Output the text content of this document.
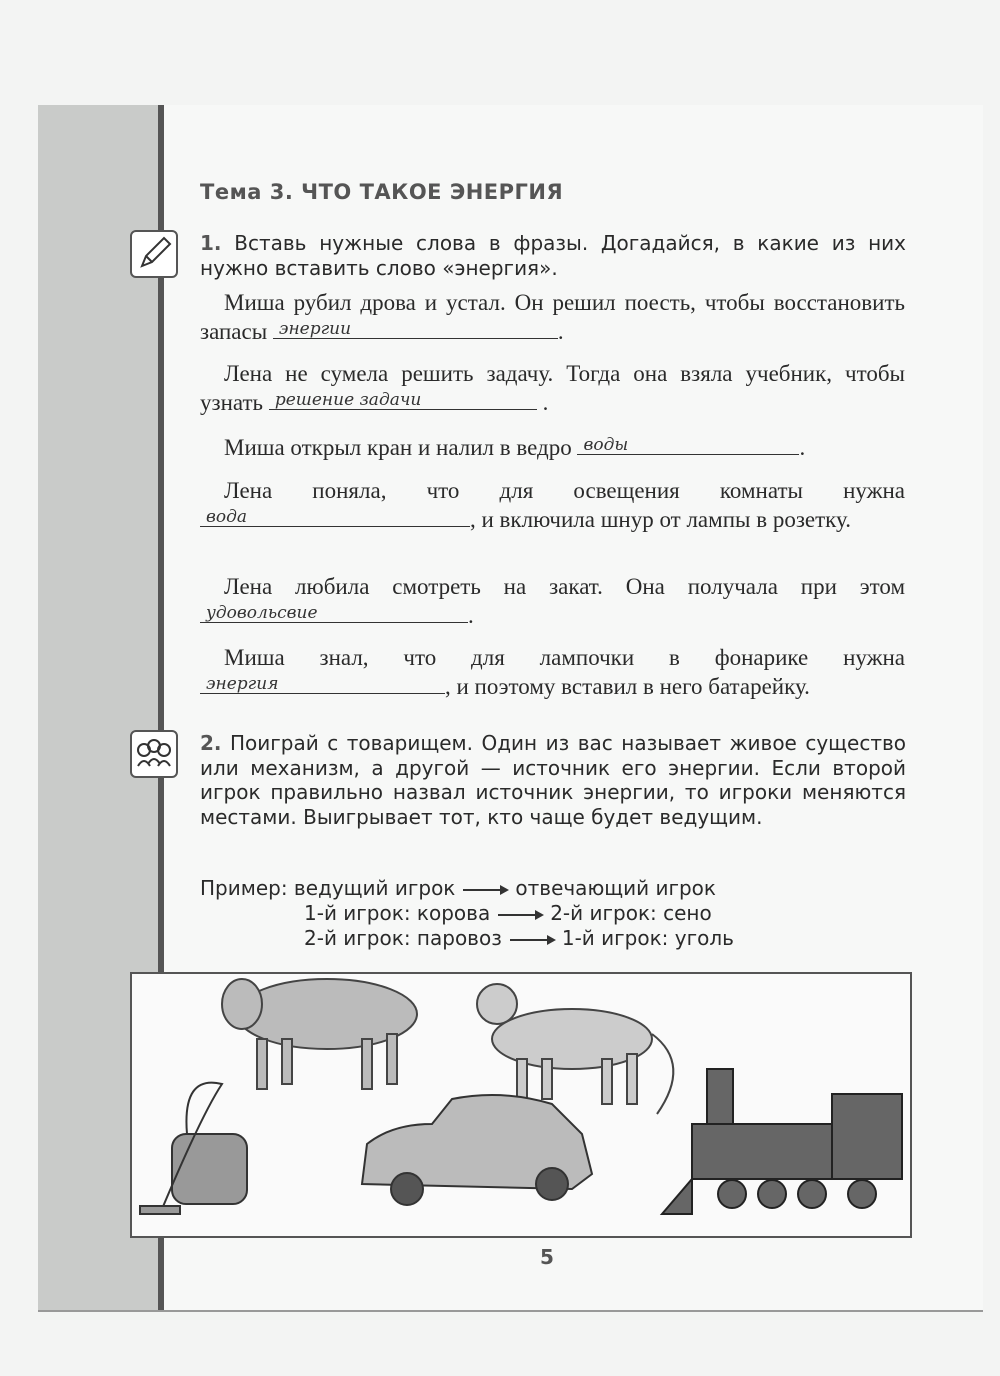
Тема 3. ЧТО ТАКОЕ ЭНЕРГИЯ
1. Вставь нужные слова в фразы. Догадайся, в какие из них нужно вставить слово «энергия».
Миша рубил дрова и устал. Он решил поесть, чтобы восстановить запасы энергии	.
Лена не сумела решить задачу. Тогда она взяла учебник, чтобы узнать решение задачи	.
Миша открыл кран и налил в ведро воды	.
Лена поняла, что для освещения комнаты нужна
вода	, и включила шнур от лампы в розетку.
Лена любила смотреть на закат. Она получала при этом
удовольсвие	.
Миша знал, что для лампочки в фонарике нужна
энергия	, и поэтому вставил в него батарейку.
2. Поиграй с товарищем. Один из вас называет живое существо или механизм, а другой — источник его энергии. Если второй игрок правильно назвал источник энергии, то игроки меняются местами. Выигрывает тот, кто чаще будет ведущим.
Пример: ведущий игрок	отвечающий игрок
1-й игрок: корова	2-й игрок: сено
2-й игрок: паровоз	1-й игрок: уголь
5
